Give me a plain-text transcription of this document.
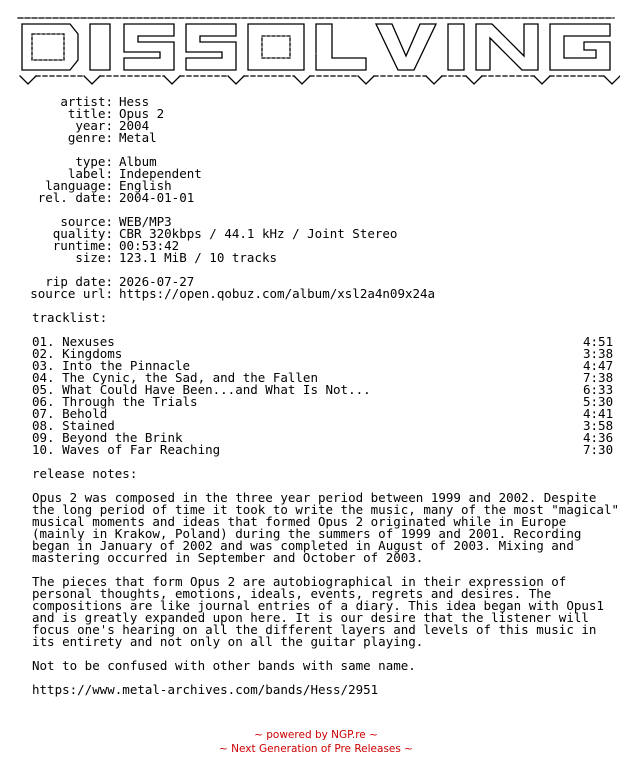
DISSOLVING
artist: Hess
title: Opus 2
year: 2004
genre: Metal
type: Album
label: Independent
language: English
rel. date: 2004-01-01
source: WEB/MP3
quality: CBR 320kbps / 44.1 kHz / Joint Stereo
runtime: 00:53:42
size: 123.1 MiB / 10 tracks
rip date: 2026-07-27
source url: https://open.qobuz.com/album/xsl2a4n09x24a
tracklist:
01. Nexuses	4:51
02. Kingdoms	3:38
03. Into the Pinnacle	4:47
04. The Cynic, the Sad, and the Fallen	7:38
05. What Could Have Been...and What Is Not...	6:33
06. Through the Trials	5:30
07. Behold	4:41
08. Stained	3:58
09. Beyond the Brink	4:36
10. Waves of Far Reaching	7:30
release notes:
Opus 2 was composed in the three year period between 1999 and 2002. Despite the long period of time it took to write the music, many of the most "magical" musical moments and ideas that formed Opus 2 originated while in Europe (mainly in Krakow, Poland) during the summers of 1999 and 2001. Recording began in January of 2002 and was completed in August of 2003. Mixing and mastering occurred in September and October of 2003.
The pieces that form Opus 2 are autobiographical in their expression of personal thoughts, emotions, ideals, events, regrets and desires. The compositions are like journal entries of a diary. This idea began with Opus1 and is greatly expanded upon here. It is our desire that the listener will focus one's hearing on all the different layers and levels of this music in its entirety and not only on all the guitar playing.
Not to be confused with other bands with same name.
https://www.metal-archives.com/bands/Hess/2951
~ powered by NGP.re ~
~ Next Generation of Pre Releases ~
